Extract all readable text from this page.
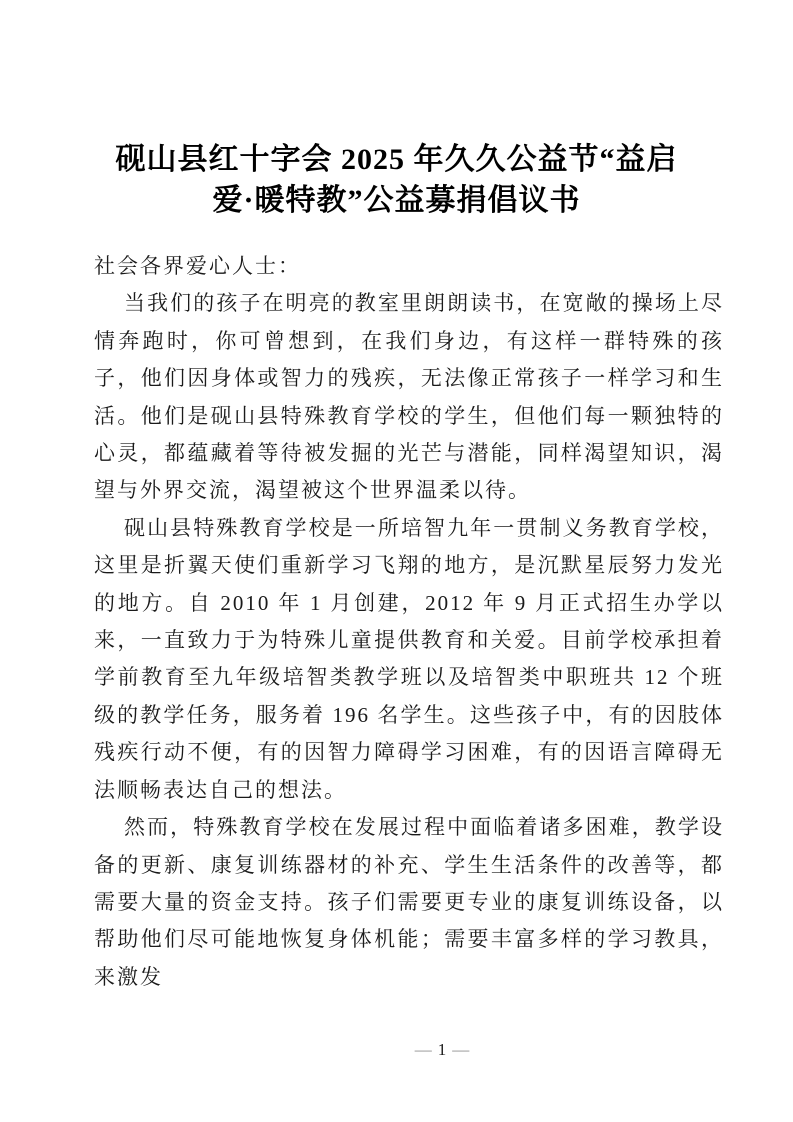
砚山县红十字会 2025 年久久公益节“益启
爱·暖特教”公益募捐倡议书

社会各界爱心人士：

当我们的孩子在明亮的教室里朗朗读书，在宽敞的操场上尽情奔跑时，你可曾想到，在我们身边，有这样一群特殊的孩子，他们因身体或智力的残疾，无法像正常孩子一样学习和生活。他们是砚山县特殊教育学校的学生，但他们每一颗独特的心灵，都蕴藏着等待被发掘的光芒与潜能，同样渴望知识，渴望与外界交流，渴望被这个世界温柔以待。

砚山县特殊教育学校是一所培智九年一贯制义务教育学校，这里是折翼天使们重新学习飞翔的地方，是沉默星辰努力发光的地方。自 2010 年 1 月创建，2012 年 9 月正式招生办学以来，一直致力于为特殊儿童提供教育和关爱。目前学校承担着学前教育至九年级培智类教学班以及培智类中职班共 12 个班级的教学任务，服务着 196 名学生。这些孩子中，有的因肢体残疾行动不便，有的因智力障碍学习困难，有的因语言障碍无法顺畅表达自己的想法。

然而，特殊教育学校在发展过程中面临着诸多困难，教学设备的更新、康复训练器材的补充、学生生活条件的改善等，都需要大量的资金支持。孩子们需要更专业的康复训练设备，以帮助他们尽可能地恢复身体机能；需要丰富多样的学习教具，来激发

— 1 —
